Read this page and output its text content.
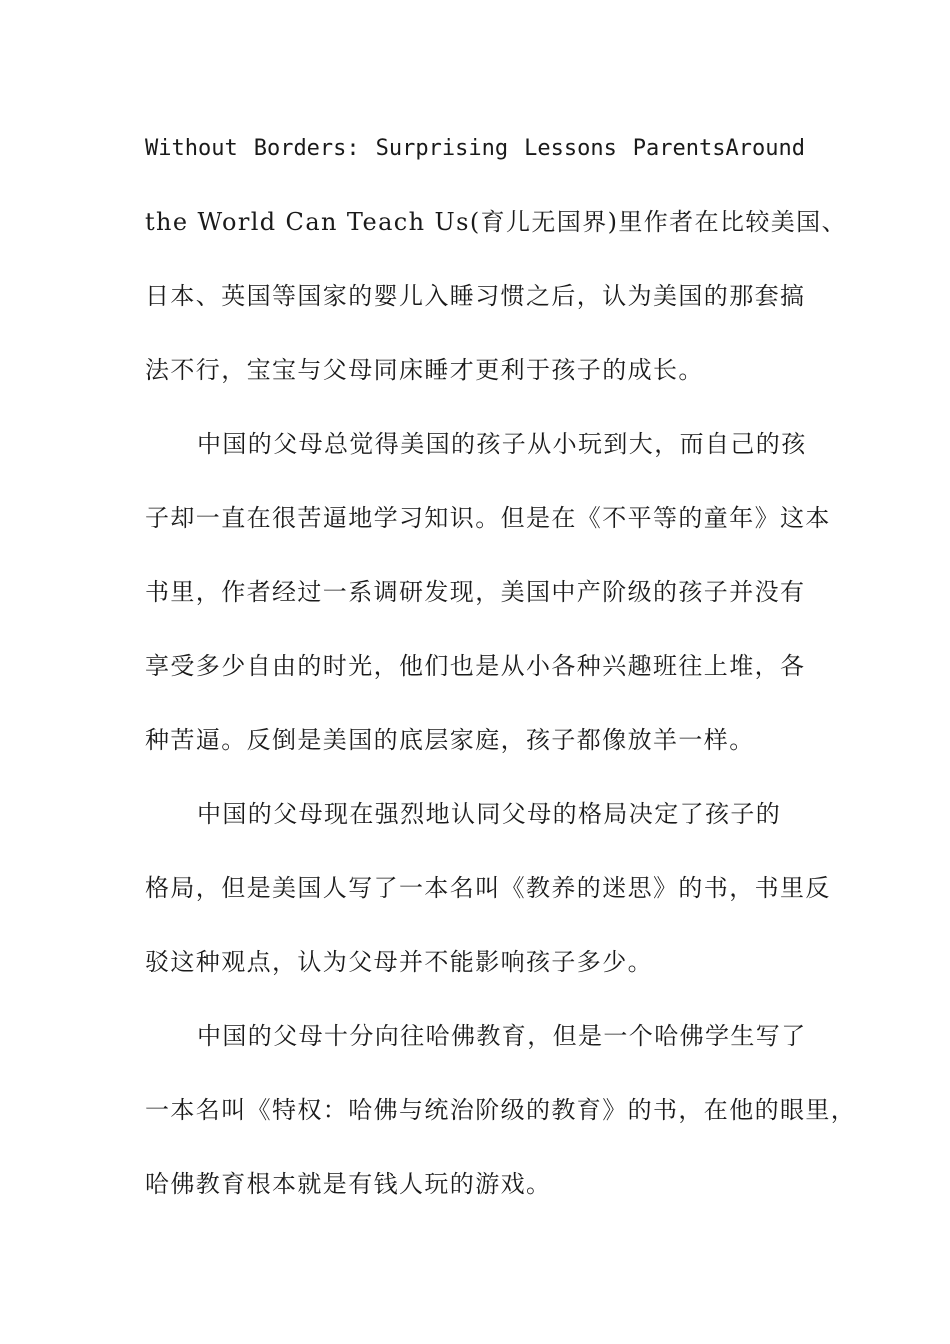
Without Borders: Surprising Lessons ParentsAround
the World Can Teach Us(育儿无国界)里作者在比较美国、
日本、英国等国家的婴儿入睡习惯之后，认为美国的那套搞
法不行，宝宝与父母同床睡才更利于孩子的成长。
中国的父母总觉得美国的孩子从小玩到大，而自己的孩
子却一直在很苦逼地学习知识。但是在《不平等的童年》这本
书里，作者经过一系调研发现，美国中产阶级的孩子并没有
享受多少自由的时光，他们也是从小各种兴趣班往上堆，各
种苦逼。反倒是美国的底层家庭，孩子都像放羊一样。
中国的父母现在强烈地认同父母的格局决定了孩子的
格局，但是美国人写了一本名叫《教养的迷思》的书，书里反
驳这种观点，认为父母并不能影响孩子多少。
中国的父母十分向往哈佛教育，但是一个哈佛学生写了
一本名叫《特权：哈佛与统治阶级的教育》的书，在他的眼里，
哈佛教育根本就是有钱人玩的游戏。
